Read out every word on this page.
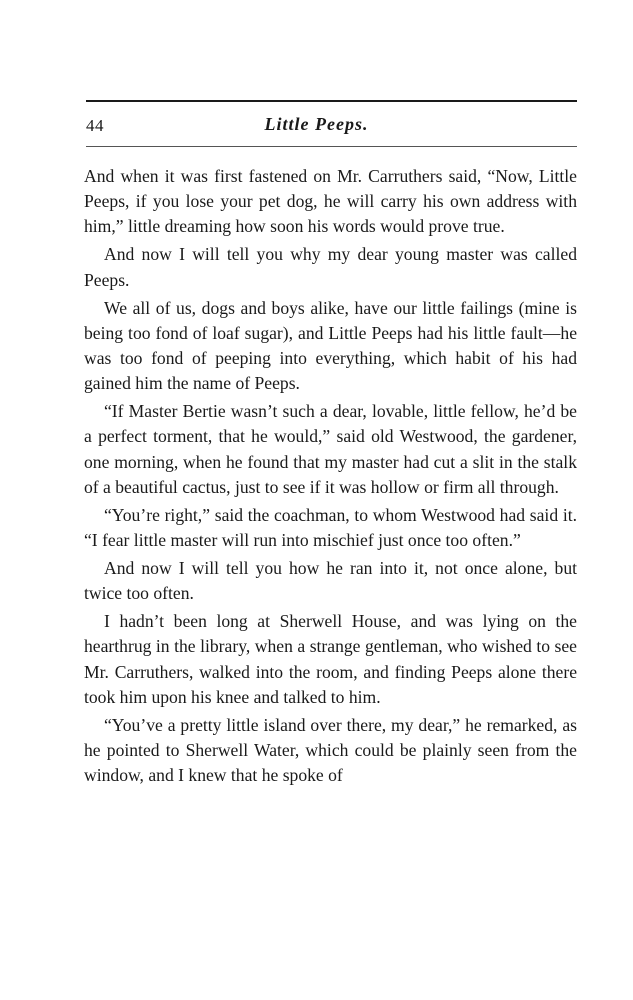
44	Little Peeps.

And when it was first fastened on Mr. Carruthers said, “Now, Little Peeps, if you lose your pet dog, he will carry his own address with him,” little dreaming how soon his words would prove true.

And now I will tell you why my dear young master was called Peeps.

We all of us, dogs and boys alike, have our little failings (mine is being too fond of loaf sugar), and Little Peeps had his little fault—he was too fond of peeping into everything, which habit of his had gained him the name of Peeps.

“If Master Bertie wasn’t such a dear, lovable, little fellow, he’d be a perfect torment, that he would,” said old Westwood, the gardener, one morning, when he found that my master had cut a slit in the stalk of a beautiful cactus, just to see if it was hollow or firm all through.

“You’re right,” said the coachman, to whom Westwood had said it. “I fear little master will run into mischief just once too often.”

And now I will tell you how he ran into it, not once alone, but twice too often.

I hadn’t been long at Sherwell House, and was lying on the hearthrug in the library, when a strange gentleman, who wished to see Mr. Carruthers, walked into the room, and finding Peeps alone there took him upon his knee and talked to him.

“You’ve a pretty little island over there, my dear,” he remarked, as he pointed to Sherwell Water, which could be plainly seen from the window, and I knew that he spoke of
